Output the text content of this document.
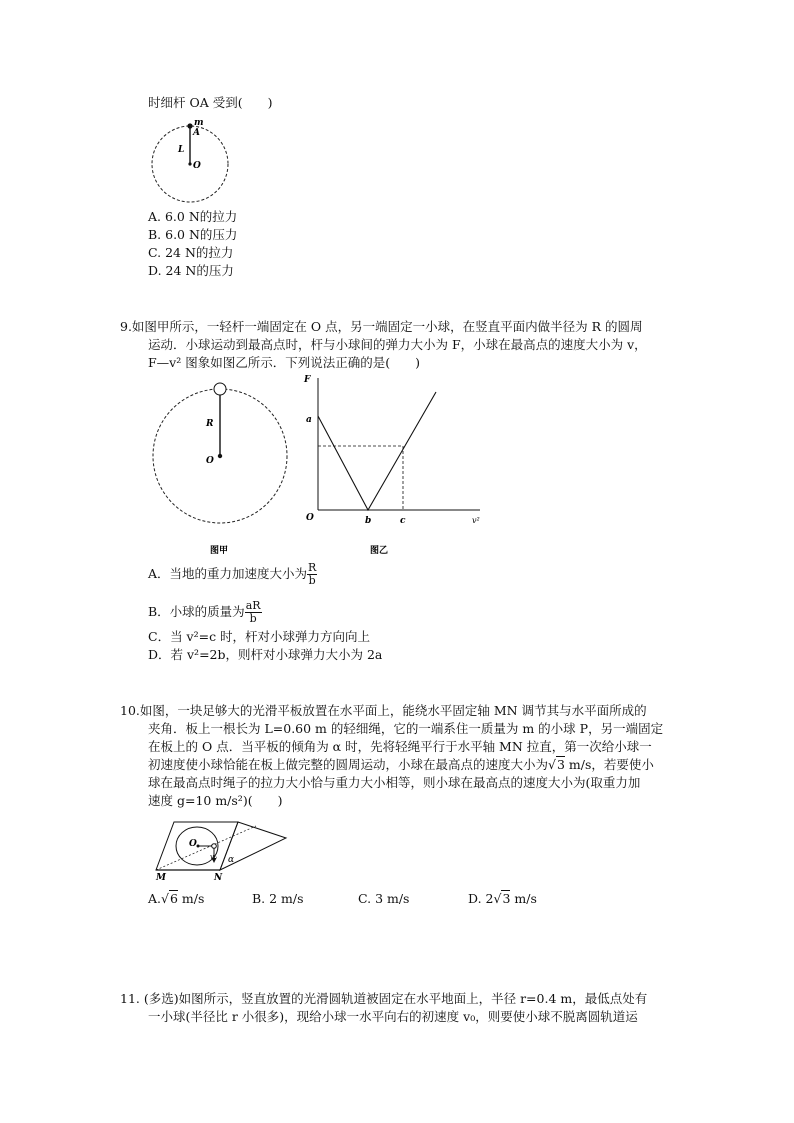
时细杆 OA 受到(　　)
m
A
L
O
A. 6.0 N的拉力
B. 6.0 N的压力
C. 24 N的拉力
D. 24 N的压力
9.如图甲所示，一轻杆一端固定在 O 点，另一端固定一小球，在竖直平面内做半径为 R 的圆周
运动．小球运动到最高点时，杆与小球间的弹力大小为 F，小球在最高点的速度大小为 v，
F—v² 图象如图乙所示．下列说法正确的是(　　)
R
O
图甲
F
a
O	b	c	v²
图乙
A．当地的重力加速度大小为 $\frac{R}{b}$
B．小球的质量为 $\frac{aR}{b}$
C．当 v²=c 时，杆对小球弹力方向向上
D．若 v²=2b，则杆对小球弹力大小为 2a
10.如图，一块足够大的光滑平板放置在水平面上，能绕水平固定轴 MN 调节其与水平面所成的
夹角．板上一根长为 L=0.60 m 的轻细绳，它的一端系住一质量为 m 的小球 P，另一端固定
在板上的 O 点．当平板的倾角为 α 时，先将轻绳平行于水平轴 MN 拉直，第一次给小球一
初速度使小球恰能在板上做完整的圆周运动，小球在最高点的速度大小为√3 m/s，若要使小
球在最高点时绳子的拉力大小恰与重力大小相等，则小球在最高点的速度大小为(取重力加
速度 g=10 m/s²)(　　)
O
v₀ α
M	N
A.√6 m/s	B. 2 m/s	C. 3 m/s	D. 2√3 m/s
11. (多选)如图所示，竖直放置的光滑圆轨道被固定在水平地面上，半径 r=0.4 m，最低点处有
一小球(半径比 r 小很多)，现给小球一水平向右的初速度 v₀，则要使小球不脱离圆轨道运
